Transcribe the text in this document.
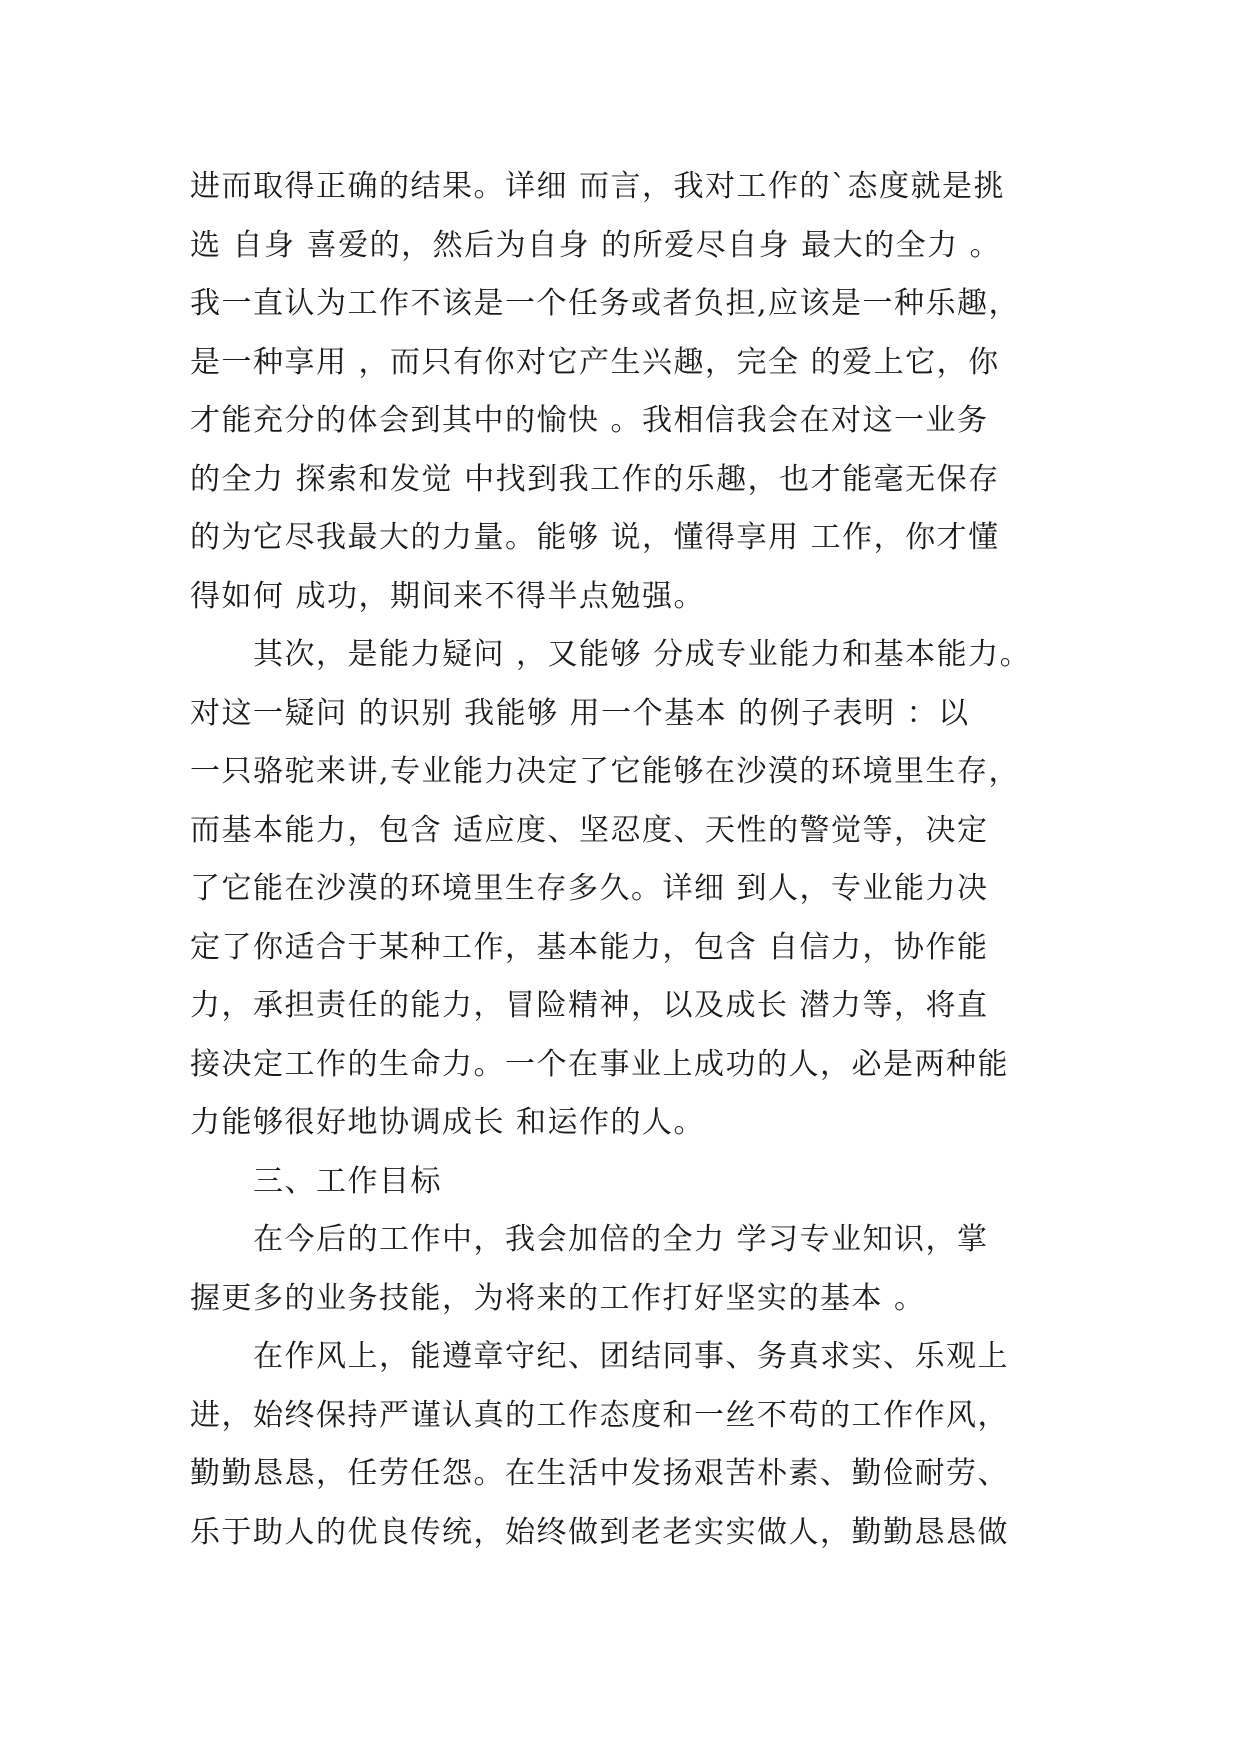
进而取得正确的结果。详细 而言，我对工作的`态度就是挑
选 自身 喜爱的，然后为自身 的所爱尽自身 最大的全力 。
我一直认为工作不该是一个任务或者负担,应该是一种乐趣，
是一种享用 ，而只有你对它产生兴趣，完全 的爱上它，你
才能充分的体会到其中的愉快 。我相信我会在对这一业务
的全力 探索和发觉 中找到我工作的乐趣，也才能毫无保存
的为它尽我最大的力量。能够 说，懂得享用 工作，你才懂
得如何 成功，期间来不得半点勉强。
　　其次，是能力疑问 ，又能够 分成专业能力和基本能力。
对这一疑问 的识别 我能够 用一个基本 的例子表明 ：以
一只骆驼来讲,专业能力决定了它能够在沙漠的环境里生存，
而基本能力，包含 适应度、坚忍度、天性的警觉等，决定
了它能在沙漠的环境里生存多久。详细 到人，专业能力决
定了你适合于某种工作，基本能力，包含 自信力，协作能
力，承担责任的能力，冒险精神，以及成长 潜力等，将直
接决定工作的生命力。一个在事业上成功的人，必是两种能
力能够很好地协调成长 和运作的人。
　　三、工作目标
　　在今后的工作中，我会加倍的全力 学习专业知识，掌
握更多的业务技能，为将来的工作打好坚实的基本 。
　　在作风上，能遵章守纪、团结同事、务真求实、乐观上
进，始终保持严谨认真的工作态度和一丝不苟的工作作风，
勤勤恳恳，任劳任怨。在生活中发扬艰苦朴素、勤俭耐劳、
乐于助人的优良传统，始终做到老老实实做人，勤勤恳恳做
